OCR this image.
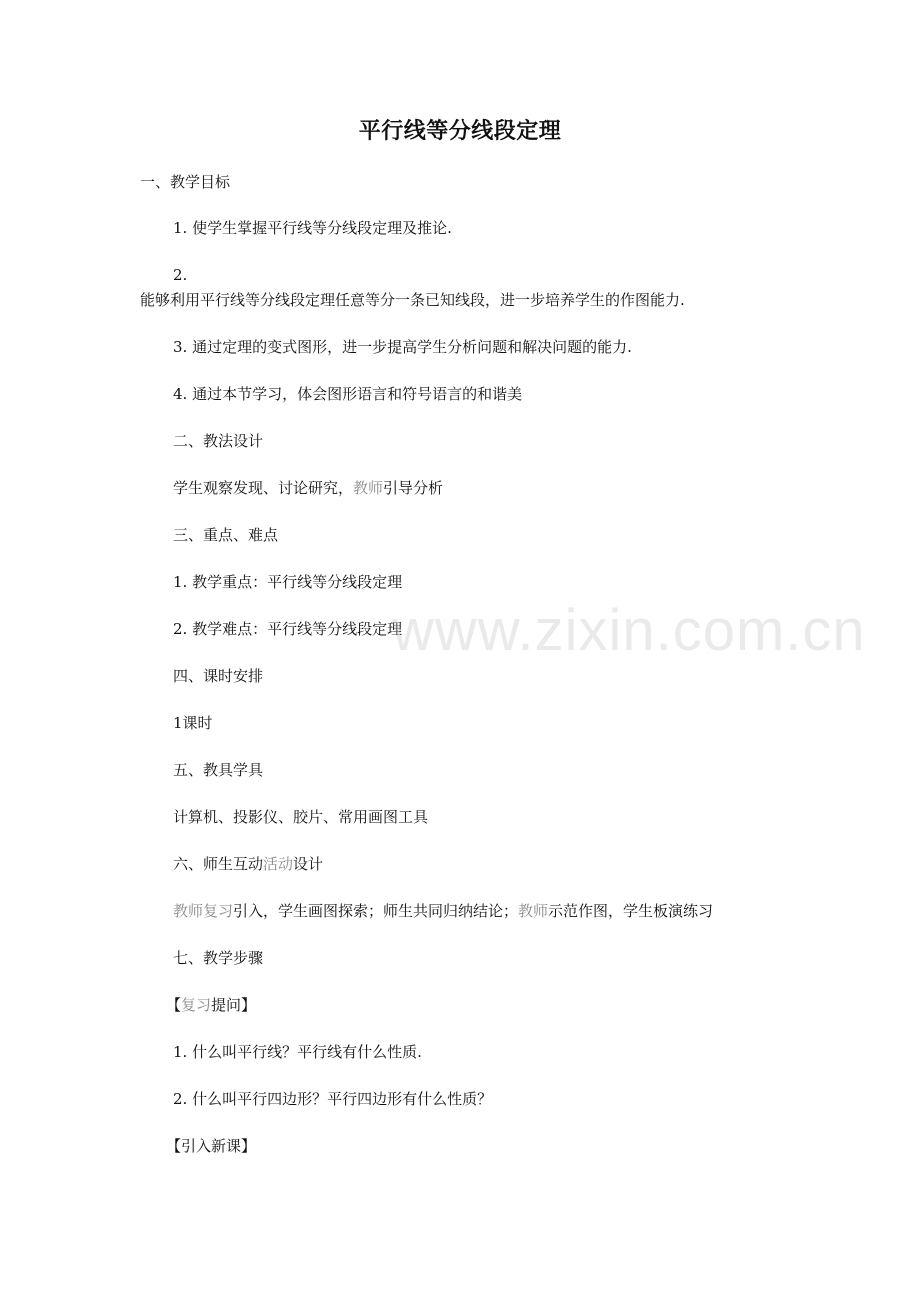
平行线等分线段定理
一、教学目标
1. 使学生掌握平行线等分线段定理及推论.
2.
能够利用平行线等分线段定理任意等分一条已知线段，进一步培养学生的作图能力.
3. 通过定理的变式图形，进一步提高学生分析问题和解决问题的能力.
4. 通过本节学习，体会图形语言和符号语言的和谐美
二、教法设计
学生观察发现、讨论研究，教师引导分析
三、重点、难点
1. 教学重点：平行线等分线段定理
2. 教学难点：平行线等分线段定理
四、课时安排
1课时
五、教具学具
计算机、投影仪、胶片、常用画图工具
六、师生互动活动设计
教师复习引入，学生画图探索；师生共同归纳结论；教师示范作图，学生板演练习
七、教学步骤
【复习提问】
1. 什么叫平行线？平行线有什么性质.
2. 什么叫平行四边形？平行四边形有什么性质？
【引入新课】
www.zixin.com.cn
